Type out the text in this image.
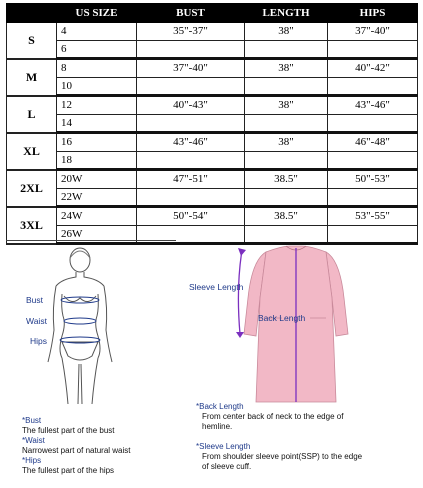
	US SIZE	BUST	LENGTH	HIPS
S	4	35"-37"	38"	37"-40"
	6			
M	8	37"-40"	38"	40"-42"
	10			
L	12	40"-43"	38"	43"-46"
	14			
XL	16	43"-46"	38"	46"-48"
	18			
2XL	20W	47"-51"	38.5"	50"-53"
	22W			
3XL	24W	50"-54"	38.5"	53"-55"
	26W			
Bust
Waist
Hips
*Bust
The fullest part of the bust
*Waist
Narrowest part of natural waist
*Hips
The fullest part of the hips
Sleeve Length
Back Length
*Back Length
From center back of neck to the edge of
hemline.
*Sleeve Length
From shoulder sleeve point(SSP) to the edge
of sleeve cuff.
